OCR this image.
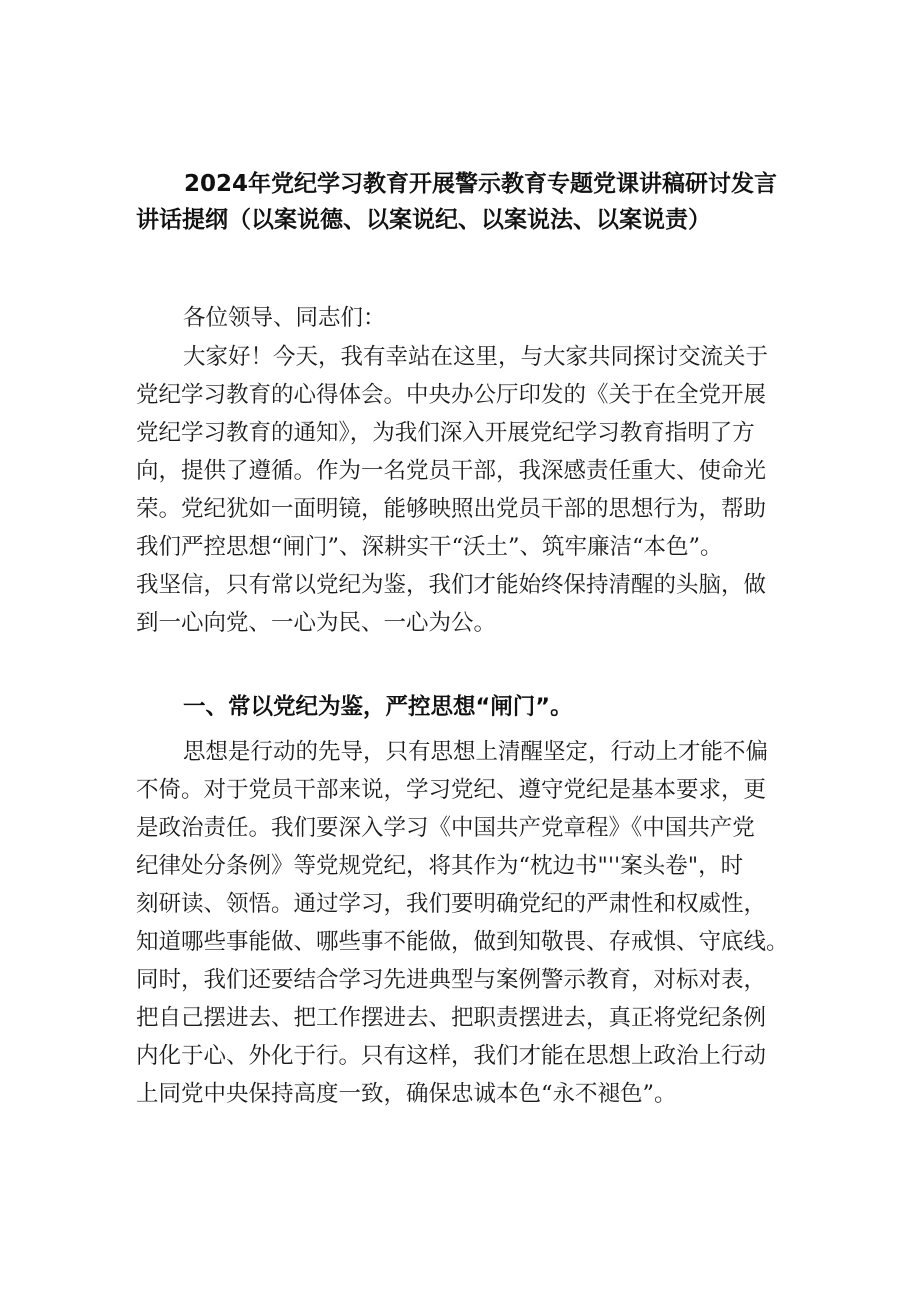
2024年党纪学习教育开展警示教育专题党课讲稿研讨发言
讲话提纲（以案说德、以案说纪、以案说法、以案说责）

各位领导、同志们：

大家好！今天，我有幸站在这里，与大家共同探讨交流关于
党纪学习教育的心得体会。中央办公厅印发的《关于在全党开展
党纪学习教育的通知》，为我们深入开展党纪学习教育指明了方
向，提供了遵循。作为一名党员干部，我深感责任重大、使命光
荣。党纪犹如一面明镜，能够映照出党员干部的思想行为，帮助
我们严控思想“闸门”、深耕实干“沃土”、筑牢廉洁“本色”。
我坚信，只有常以党纪为鉴，我们才能始终保持清醒的头脑，做
到一心向党、一心为民、一心为公。
一、常以党纪为鉴，严控思想“闸门”。
思想是行动的先导，只有思想上清醒坚定，行动上才能不偏
不倚。对于党员干部来说，学习党纪、遵守党纪是基本要求，更
是政治责任。我们要深入学习《中国共产党章程》《中国共产党
纪律处分条例》等党规党纪，将其作为“枕边书"''案头卷"，时
刻研读、领悟。通过学习，我们要明确党纪的严肃性和权威性，
知道哪些事能做、哪些事不能做，做到知敬畏、存戒惧、守底线。
同时，我们还要结合学习先进典型与案例警示教育，对标对表，
把自己摆进去、把工作摆进去、把职责摆进去，真正将党纪条例
内化于心、外化于行。只有这样，我们才能在思想上政治上行动
上同党中央保持高度一致，确保忠诚本色“永不褪色”。
